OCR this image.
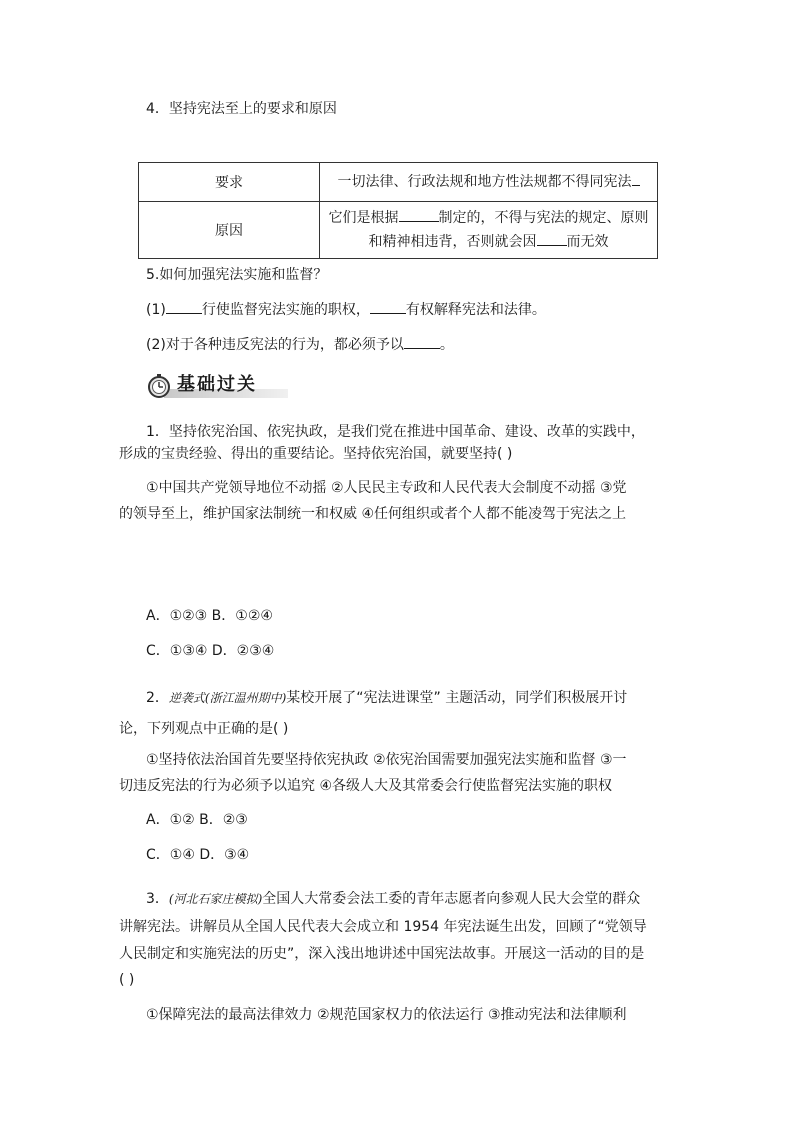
4．坚持宪法至上的要求和原因
要求	一切法律、行政法规和地方性法规都不得同宪法
原因	它们是根据 制定的，不得与宪法的规定、原则
和精神相违背，否则就会因 而无效
5.如何加强宪法实施和监督？
(1)	行使监督宪法实施的职权，	有权解释宪法和法律。
(2)对于各种违反宪法的行为，都必须予以	。
基础过关
1．坚持依宪治国、依宪执政，是我们党在推进中国革命、建设、改革的实践中，
形成的宝贵经验、得出的重要结论。坚持依宪治国，就要坚持( )
①中国共产党领导地位不动摇 ②人民民主专政和人民代表大会制度不动摇 ③党
的领导至上，维护国家法制统一和权威 ④任何组织或者个人都不能凌驾于宪法之上
A．①②③ B．①②④
C．①③④ D．②③④
2．逆袭式(浙江温州期中)某校开展了“宪法进课堂” 主题活动，同学们积极展开讨
论，下列观点中正确的是( )
①坚持依法治国首先要坚持依宪执政 ②依宪治国需要加强宪法实施和监督 ③一
切违反宪法的行为必须予以追究 ④各级人大及其常委会行使监督宪法实施的职权
A．①② B．②③
C．①④ D．③④
3．(河北石家庄模拟)全国人大常委会法工委的青年志愿者向参观人民大会堂的群众
讲解宪法。讲解员从全国人民代表大会成立和 1954 年宪法诞生出发，回顾了“党领导
人民制定和实施宪法的历史”，深入浅出地讲述中国宪法故事。开展这一活动的目的是
( )
①保障宪法的最高法律效力 ②规范国家权力的依法运行 ③推动宪法和法律顺利
